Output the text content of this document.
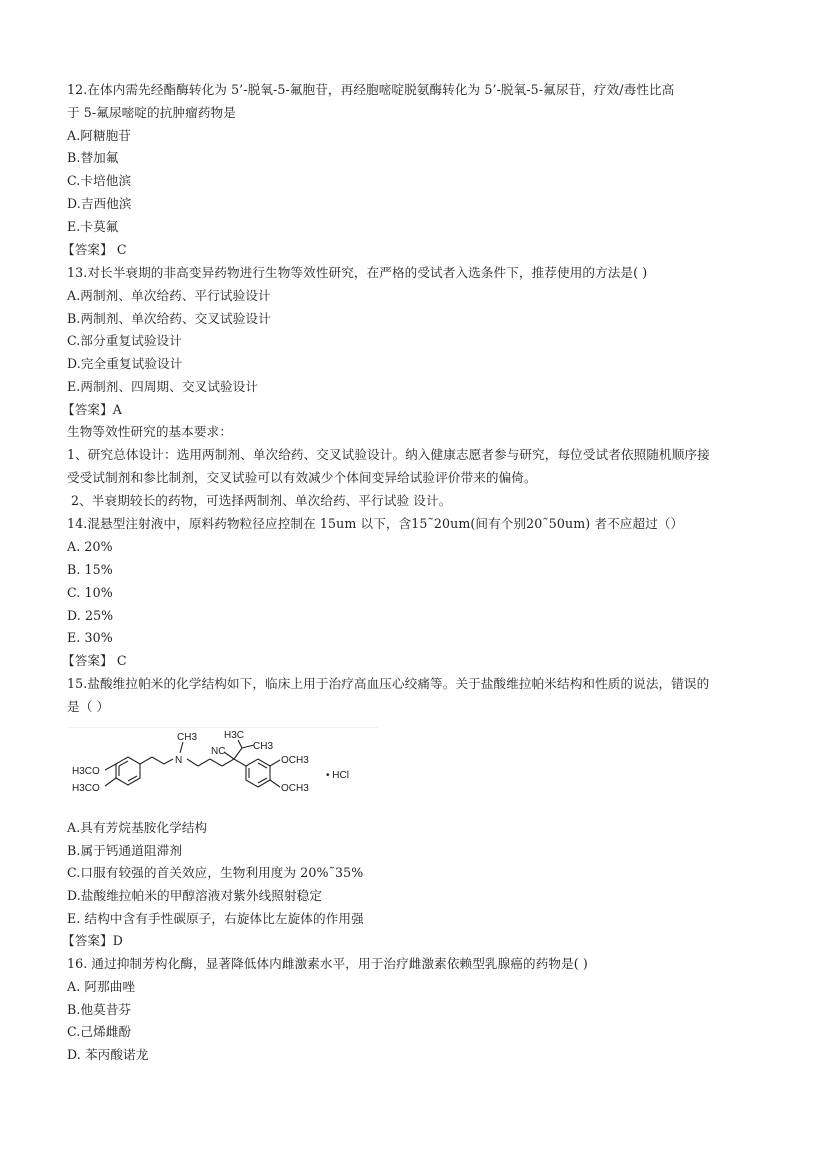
12.在体内需先经酯酶转化为 5’-脱氧-5-氟胞苷，再经胞嘧啶脱氨酶转化为 5’-脱氧-5-氟尿苷，疗效/毒性比高
于 5-氟尿嘧啶的抗肿瘤药物是
A.阿糖胞苷
B.替加氟
C.卡培他滨
D.吉西他滨
E.卡莫氟
【答案】 C
13.对长半衰期的非高变异药物进行生物等效性研究，在严格的受试者入选条件下，推荐使用的方法是( )
A.两制剂、单次给药、平行试验设计
B.两制剂、单次给药、交叉试验设计
C.部分重复试验设计
D.完全重复试验设计
E.两制剂、四周期、交叉试验设计
【答案】A
生物等效性研究的基本要求：
1、研究总体设计：选用两制剂、单次给药、交叉试验设计。纳入健康志愿者参与研究，每位受试者依照随机顺序接
受受试制剂和参比制剂，交叉试验可以有效减少个体间变异给试验评价带来的偏倚。
2、半衰期较长的药物，可选择两制剂、单次给药、平行试验 设计。
14.混悬型注射液中，原料药物粒径应控制在 15um 以下，含15˜20um(间有个别20˜50um) 者不应超过（）
A. 20%
B. 15%
C. 10%
D. 25%
E. 30%
【答案】 C
15.盐酸维拉帕米的化学结构如下，临床上用于治疗高血压心绞痛等。关于盐酸维拉帕米结构和性质的说法，错误的
是（ ）
A.具有芳烷基胺化学结构
B.属于钙通道阻滞剂
C.口服有较强的首关效应，生物利用度为 20%˜35%
D.盐酸维拉帕米的甲醇溶液对紫外线照射稳定
E. 结构中含有手性碳原子，右旋体比左旋体的作用强
【答案】D
16. 通过抑制芳构化酶，显著降低体内雌激素水平，用于治疗雌激素依赖型乳腺癌的药物是( )
A. 阿那曲唑
B.他莫昔芬
C.己烯雌酚
D. 苯丙酸诺龙
H3CO
H3CO
N
CH3
NC
H3C
CH3
OCH3
OCH3
• HCl
